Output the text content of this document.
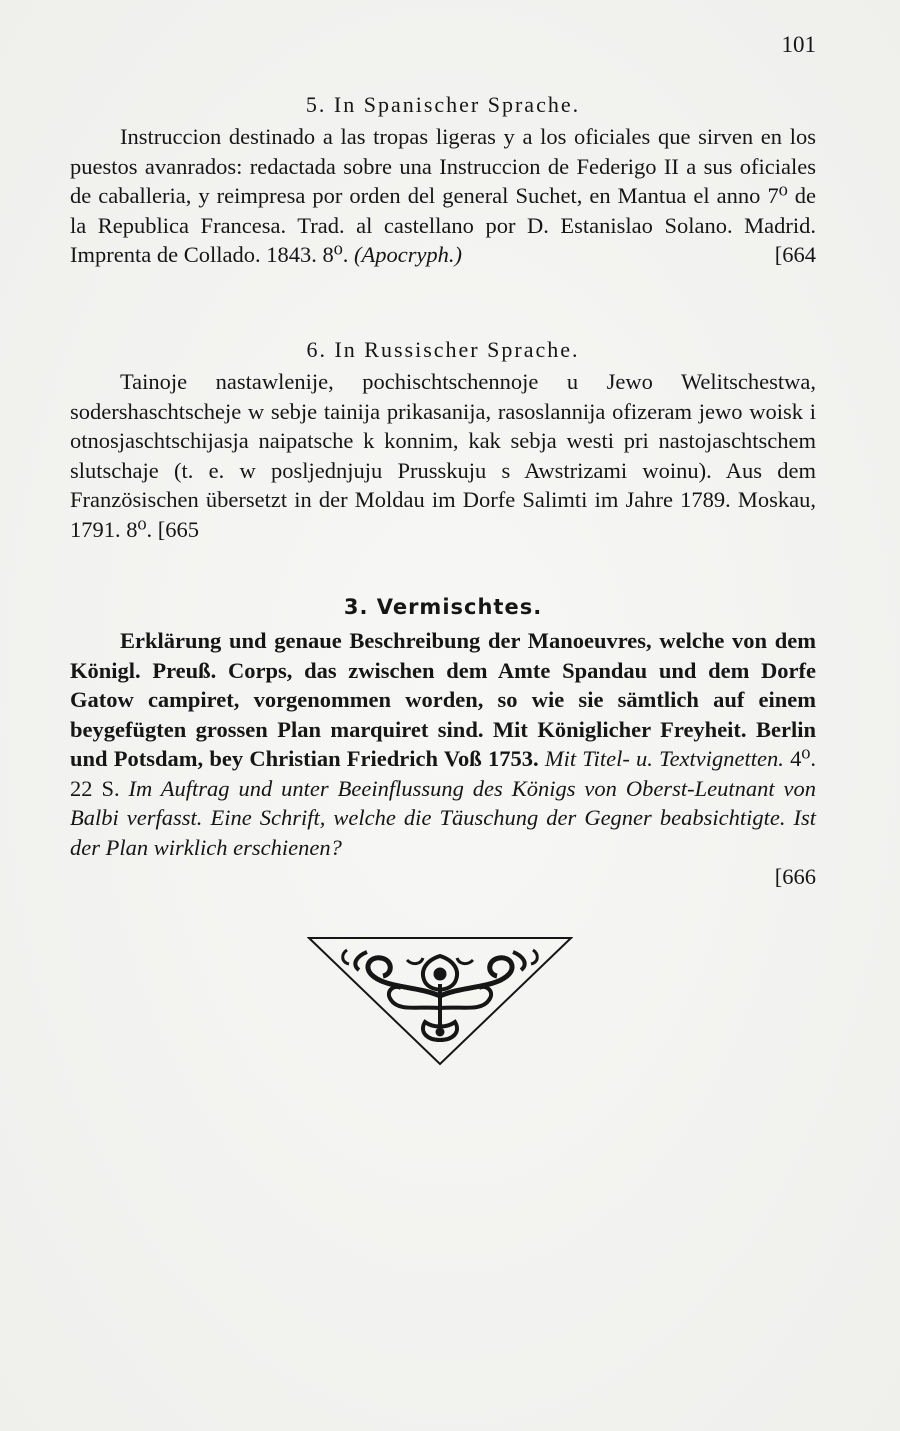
101

5. In Spanischer Sprache.

Instruccion destinado a las tropas ligeras y a los oficiales que sirven en los puestos avanrados: redactada sobre una Instruccion de Federigo II a sus oficiales de caballeria, y reimpresa por orden del general Suchet, en Mantua el anno 7⁰ de la Republica Francesa. Trad. al castellano por D. Estanislao Solano. Madrid. Imprenta de Collado. 1843. 8⁰. (Apocryph.)	[664

6. In Russischer Sprache.

Tainoje nastawlenije, pochischtschennoje u Jewo Welitschestwa, sodershaschtscheje w sebje tainija prikasanija, rasoslannija ofizeram jewo woisk i otnosjaschtschijasja naipatsche k konnim, kak sebja westi pri nastojaschtschem slutschaje (t. e. w posljednjuju Prusskuju s Awstrizami woinu). Aus dem Französischen übersetzt in der Moldau im Dorfe Salimti im Jahre 1789. Moskau, 1791. 8⁰. [665

3. Vermischtes.

Erklärung und genaue Beschreibung der Manoeuvres, welche von dem Königl. Preuß. Corps, das zwischen dem Amte Spandau und dem Dorfe Gatow campiret, vorgenommen worden, so wie sie sämtlich auf einem beygefügten grossen Plan marquiret sind. Mit Königlicher Freyheit. Berlin und Potsdam, bey Christian Friedrich Voß 1753. Mit Titel- u. Textvignetten. 4⁰. 22 S. Im Auftrag und unter Beeinflussung des Königs von Oberst-Leutnant von Balbi verfasst. Eine Schrift, welche die Täuschung der Gegner beabsichtigte. Ist der Plan wirklich erschienen?

[666
